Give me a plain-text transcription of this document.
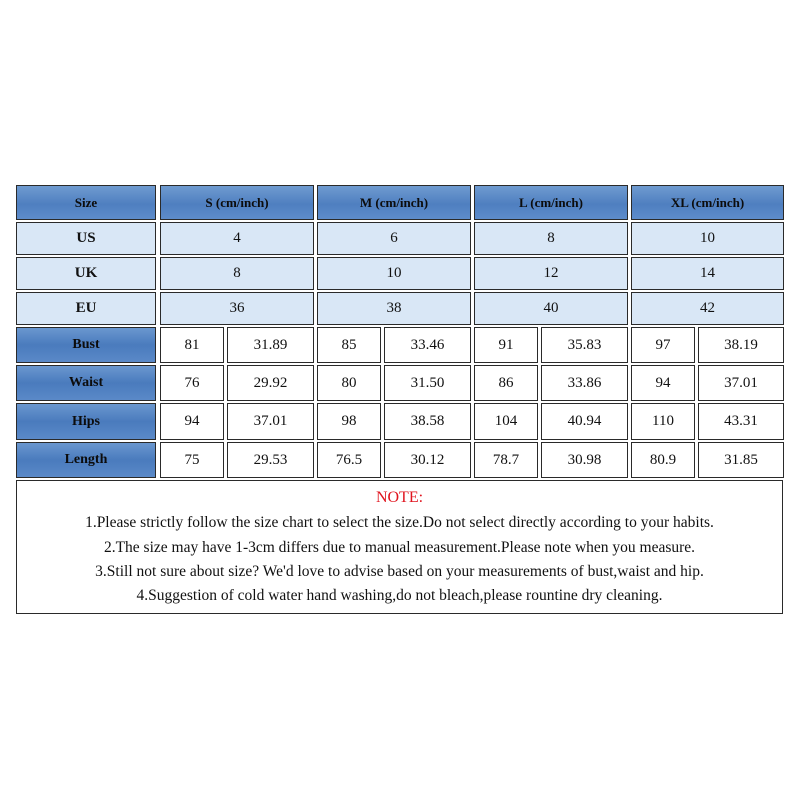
Size	S (cm/inch)	M (cm/inch)	L (cm/inch)	XL (cm/inch)
US	4	6	8	10
UK	8	10	12	14
EU	36	38	40	42
Bust	81	31.89	85	33.46	91	35.83	97	38.19
Waist	76	29.92	80	31.50	86	33.86	94	37.01
Hips	94	37.01	98	38.58	104	40.94	110	43.31
Length	75	29.53	76.5	30.12	78.7	30.98	80.9	31.85
NOTE:
1.Please strictly follow the size chart to select the size.Do not select directly according to your habits.
2.The size may have 1-3cm differs due to manual measurement.Please note when you measure.
3.Still not sure about size? We'd love to advise based on your measurements of bust,waist and hip.
4.Suggestion of cold water hand washing,do not bleach,please rountine dry cleaning.
